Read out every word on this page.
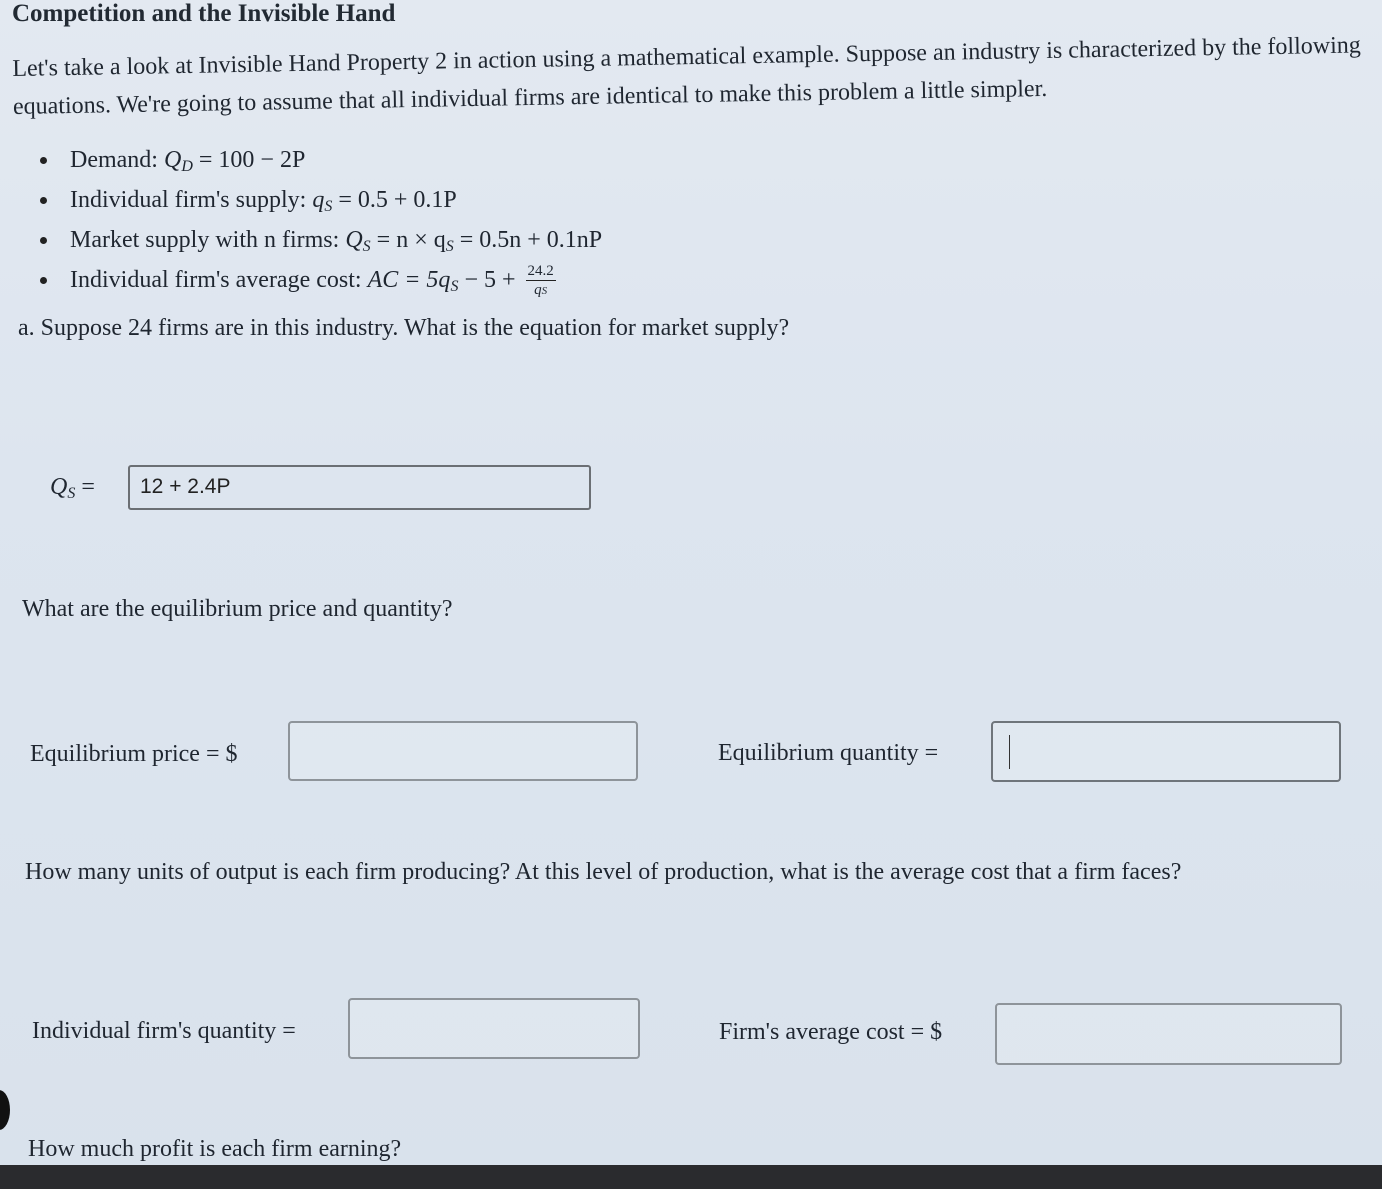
Competition and the Invisible Hand
Let's take a look at Invisible Hand Property 2 in action using a mathematical example. Suppose an industry is characterized by the following equations. We're going to assume that all individual firms are identical to make this problem a little simpler.
Demand: $Q_D = 100 - 2P$
Individual firm's supply: $q_S = 0.5 + 0.1P$
Market supply with n firms: $Q_S = n \times q_S = 0.5n + 0.1nP$
Individual firm's average cost: AC = $5q_S - 5 + \frac{24.2}{qS}$
a. Suppose 24 firms are in this industry. What is the equation for market supply?
$Q_S = 12 + 2.4P$
What are the equilibrium price and quantity?
Equilibrium price = $	Equilibrium quantity =
How many units of output is each firm producing? At this level of production, what is the average cost that a firm faces?
Individual firm's quantity =	Firm's average cost = $
How much profit is each firm earning?
